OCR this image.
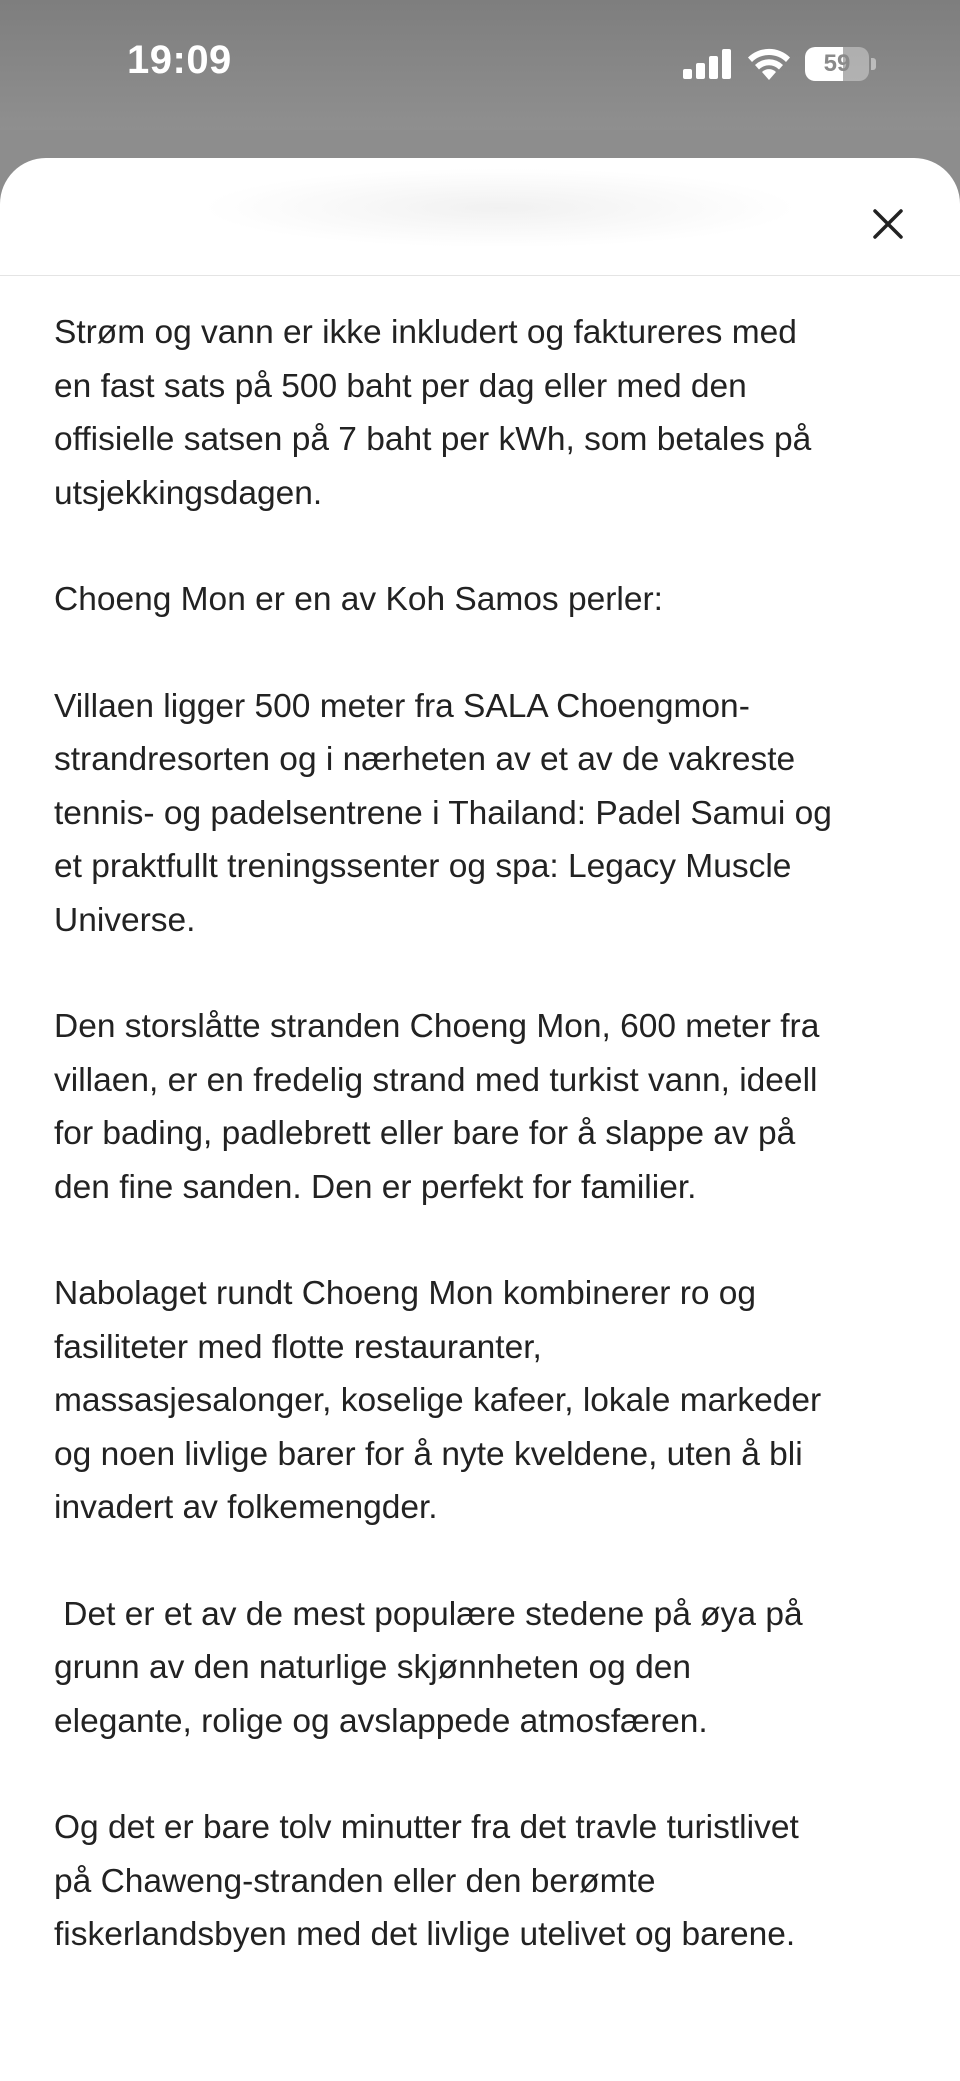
19:09	59

Strøm og vann er ikke inkludert og faktureres med
en fast sats på 500 baht per dag eller med den
offisielle satsen på 7 baht per kWh, som betales på
utsjekkingsdagen.

Choeng Mon er en av Koh Samos perler:

Villaen ligger 500 meter fra SALA Choengmon-
strandresorten og i nærheten av et av de vakreste
tennis- og padelsentrene i Thailand: Padel Samui og
et praktfullt treningssenter og spa: Legacy Muscle
Universe.

Den storslåtte stranden Choeng Mon, 600 meter fra
villaen, er en fredelig strand med turkist vann, ideell
for bading, padlebrett eller bare for å slappe av på
den fine sanden. Den er perfekt for familier.

Nabolaget rundt Choeng Mon kombinerer ro og
fasiliteter med flotte restauranter,
massasjesalonger, koselige kafeer, lokale markeder
og noen livlige barer for å nyte kveldene, uten å bli
invadert av folkemengder.

Det er et av de mest populære stedene på øya på
grunn av den naturlige skjønnheten og den
elegante, rolige og avslappede atmosfæren.

Og det er bare tolv minutter fra det travle turistlivet
på Chaweng-stranden eller den berømte
fiskerlandsbyen med det livlige utelivet og barene.
